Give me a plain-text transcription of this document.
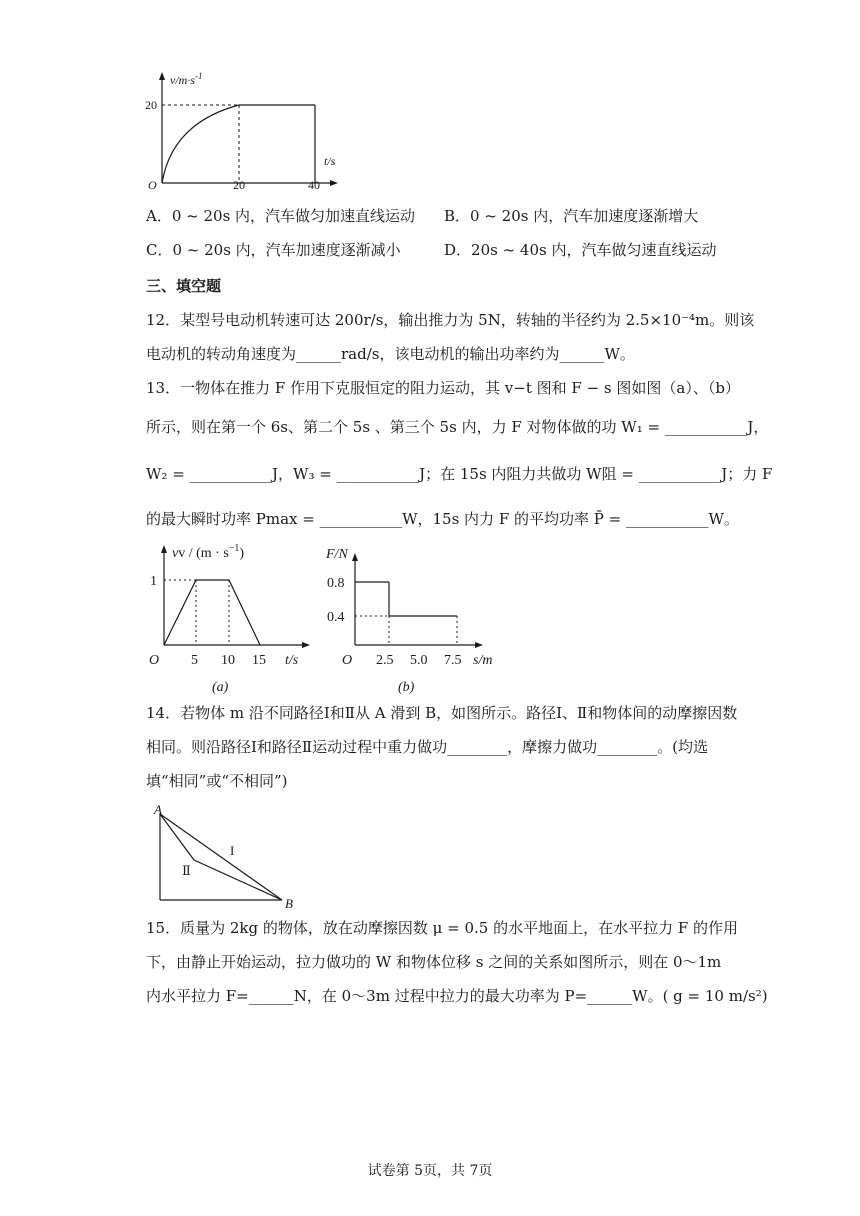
$v/m\cdot s^{-1}$
20
O	20	40
t/s
A．0 ~ 20s 内，汽车做匀加速直线运动 B．0 ~ 20s 内，汽车加速度逐渐增大
C．0 ~ 20s 内，汽车加速度逐渐减小	D．20s ~ 40s 内，汽车做匀速直线运动
三、填空题
12．某型号电动机转速可达 200r/s，输出推力为 5N，转轴的半径约为 2.5×10⁻⁴m。则该
电动机的转动角速度为______rad/s，该电动机的输出功率约为______W。
13．一物体在推力 F 作用下克服恒定的阻力运动，其 v−t 图和 F − s 图如图（a）、（b）
所示，则在第一个 6s、第二个 5s 、第三个 5s 内，力 F 对物体做的功 W₁ = ___________J，
W₂ = ___________J，W₃ = ___________J；在 15s 内阻力共做功 W阻 = ___________J；力 F
的最大瞬时功率 Pmax = ___________W，15s 内力 F 的平均功率 P̄ = ___________W。
vv / $(m \cdot s^{-1})$
1
O 5 10 15 t/s
(a)
F/N
0.8
0.4
O 2.5 5.0 7.5 s/m
(b)
14．若物体 m 沿不同路径Ⅰ和Ⅱ从 A 滑到 B，如图所示。路径Ⅰ、Ⅱ和物体间的动摩擦因数
相同。则沿路径Ⅰ和路径Ⅱ运动过程中重力做功________，摩擦力做功________。(均选
填“相同”或“不相同”)
A
B
I
Ⅱ
15．质量为 2kg 的物体，放在动摩擦因数 μ = 0.5 的水平地面上，在水平拉力 F 的作用
下，由静止开始运动，拉力做功的 W 和物体位移 s 之间的关系如图所示，则在 0～1m
内水平拉力 F=______N，在 0～3m 过程中拉力的最大功率为 P=______W。( g = 10 m/s²)
试卷第 5页，共 7页
